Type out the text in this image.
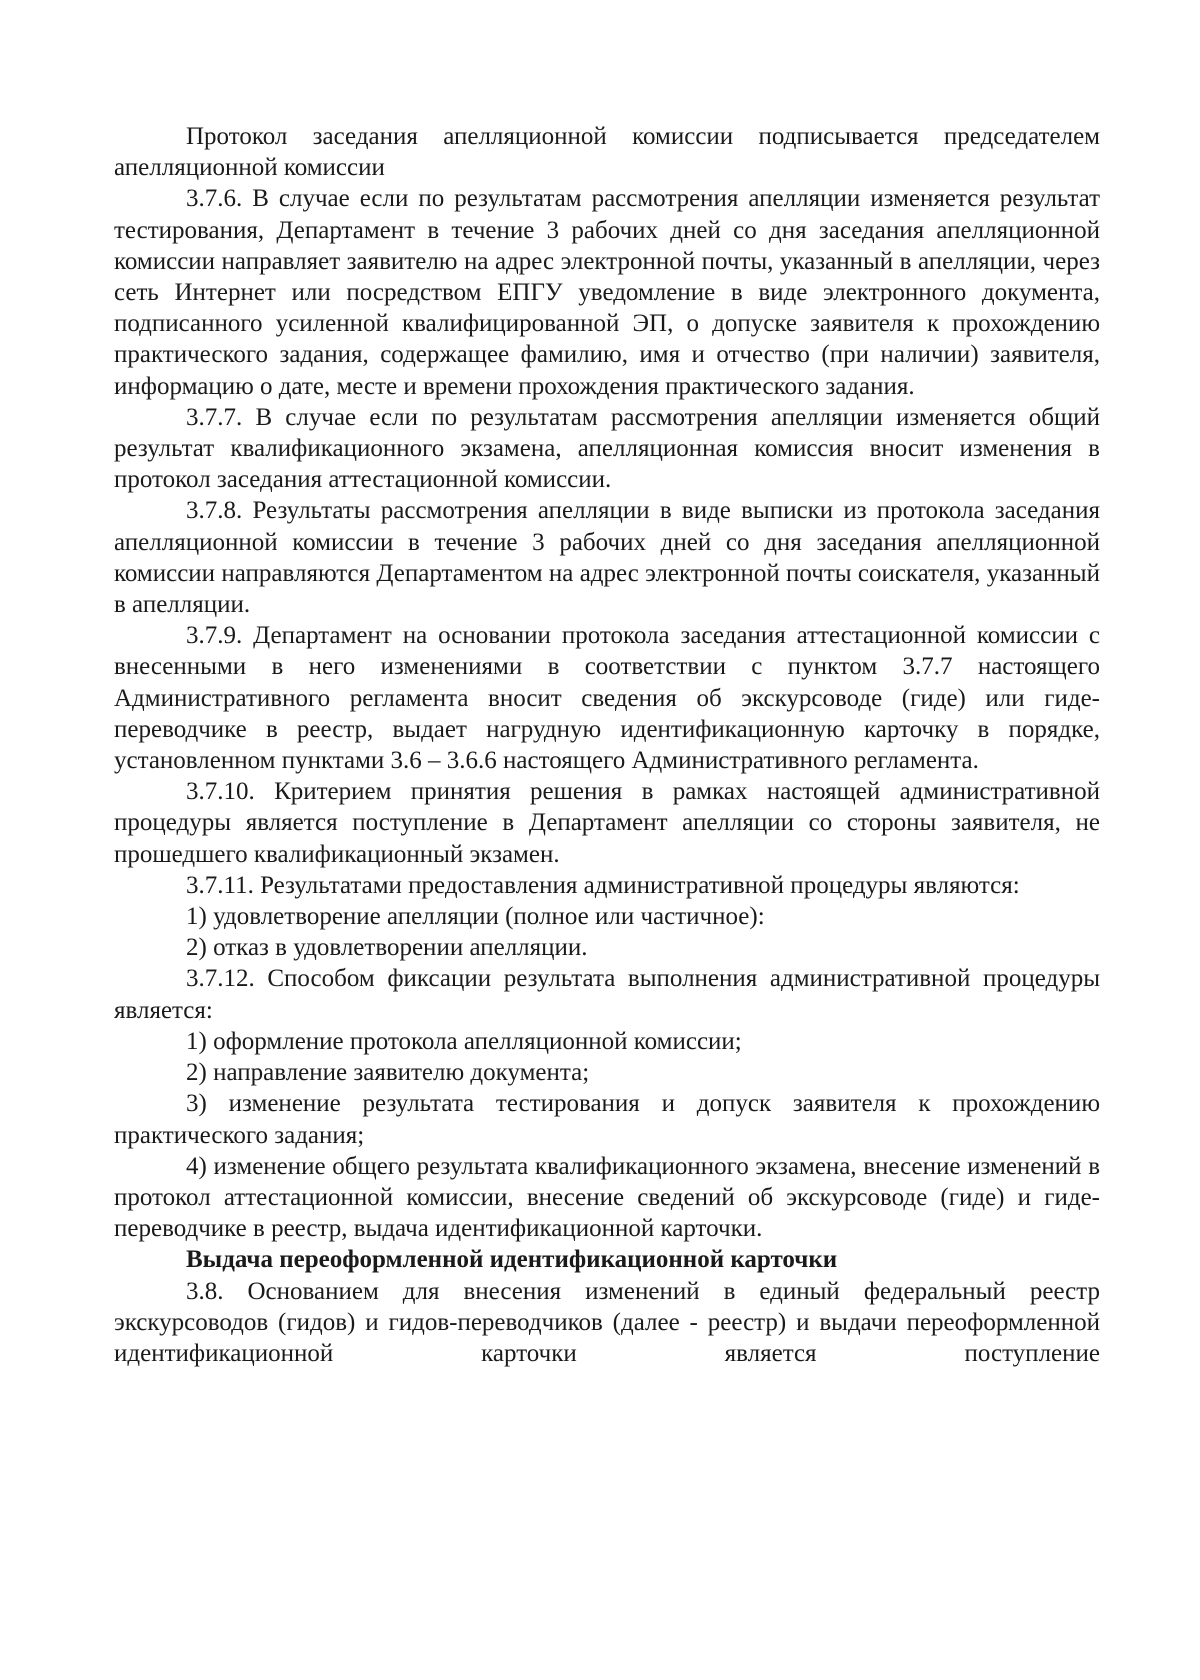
Протокол заседания апелляционной комиссии подписывается председателем апелляционной комиссии

3.7.6. В случае если по результатам рассмотрения апелляции изменяется результат тестирования, Департамент в течение 3 рабочих дней со дня заседания апелляционной комиссии направляет заявителю на адрес электронной почты, указанный в апелляции, через сеть Интернет или посредством ЕПГУ уведомление в виде электронного документа, подписанного усиленной квалифицированной ЭП, о допуске заявителя к прохождению практического задания, содержащее фамилию, имя и отчество (при наличии) заявителя, информацию о дате, месте и времени прохождения практического задания.

3.7.7. В случае если по результатам рассмотрения апелляции изменяется общий результат квалификационного экзамена, апелляционная комиссия вносит изменения в протокол заседания аттестационной комиссии.

3.7.8. Результаты рассмотрения апелляции в виде выписки из протокола заседания апелляционной комиссии в течение 3 рабочих дней со дня заседания апелляционной комиссии направляются Департаментом на адрес электронной почты соискателя, указанный в апелляции.

3.7.9. Департамент на основании протокола заседания аттестационной комиссии с внесенными в него изменениями в соответствии с пунктом 3.7.7 настоящего Административного регламента вносит сведения об экскурсоводе (гиде) или гиде-переводчике в реестр, выдает нагрудную идентификационную карточку в порядке, установленном пунктами 3.6 – 3.6.6 настоящего Административного регламента.

3.7.10. Критерием принятия решения в рамках настоящей административной процедуры является поступление в Департамент апелляции со стороны заявителя, не прошедшего квалификационный экзамен.

3.7.11. Результатами предоставления административной процедуры являются:

1) удовлетворение апелляции (полное или частичное):

2) отказ в удовлетворении апелляции.

3.7.12. Способом фиксации результата выполнения административной процедуры является:

1) оформление протокола апелляционной комиссии;

2) направление заявителю документа;

3) изменение результата тестирования и допуск заявителя к прохождению практического задания;

4) изменение общего результата квалификационного экзамена, внесение изменений в протокол аттестационной комиссии, внесение сведений об экскурсоводе (гиде) и гиде-переводчике в реестр, выдача идентификационной карточки.

Выдача переоформленной идентификационной карточки

3.8. Основанием для внесения изменений в единый федеральный реестр экскурсоводов (гидов) и гидов-переводчиков (далее - реестр) и выдачи переоформленной идентификационной карточки является поступление
